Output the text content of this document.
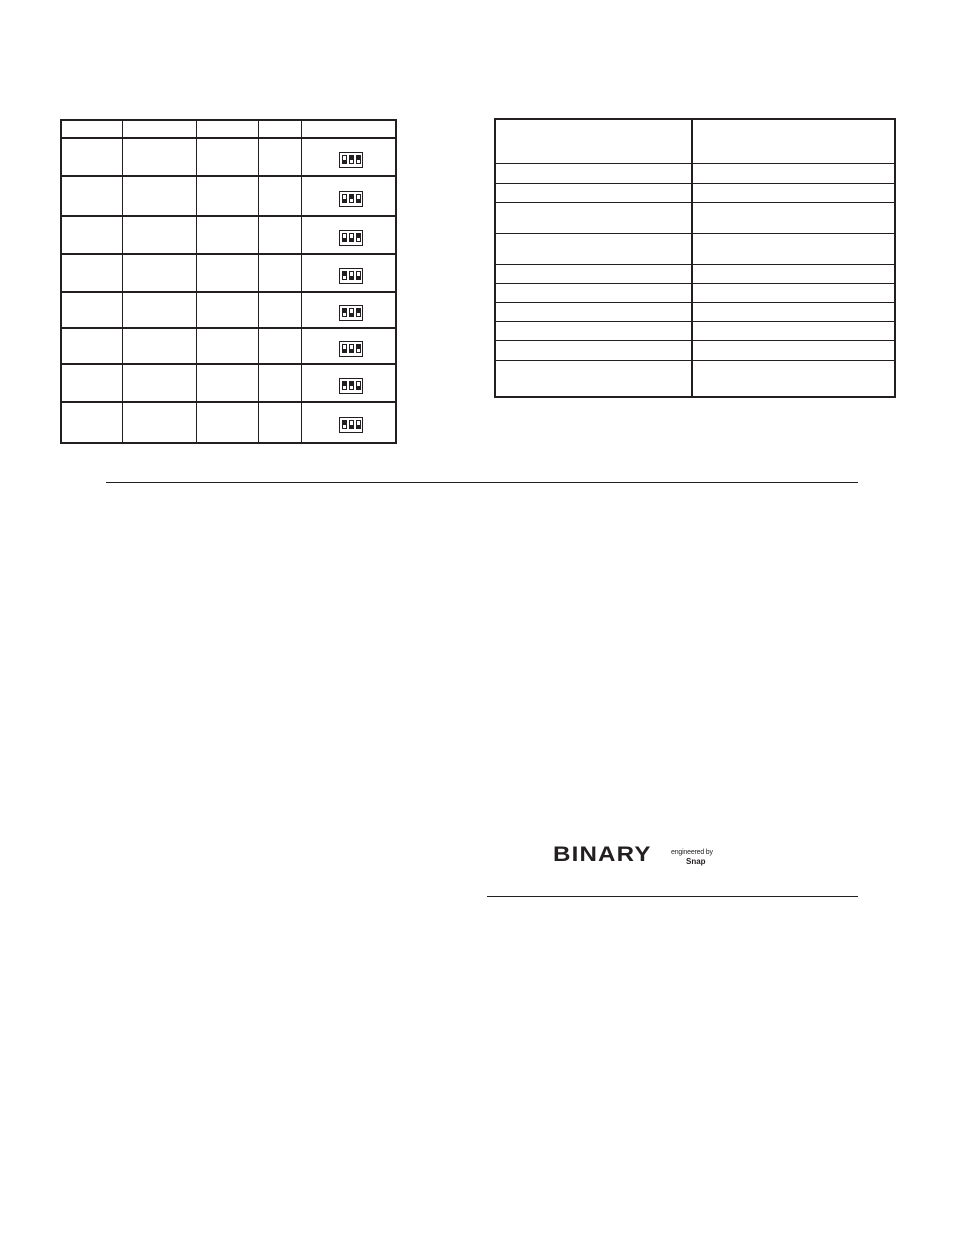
BINARY	engineered by
Snap
